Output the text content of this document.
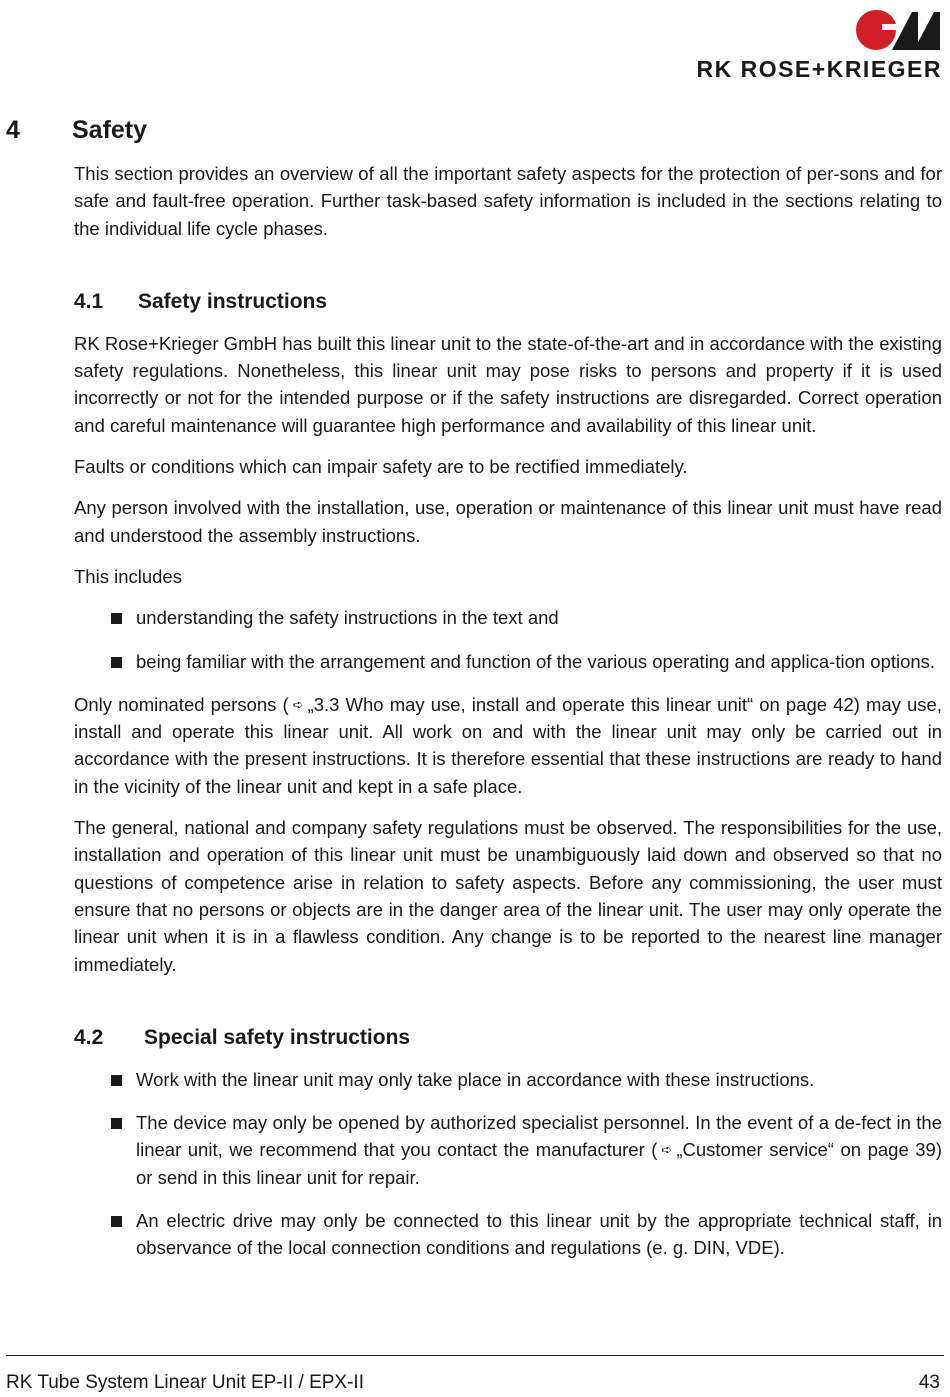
RK ROSE+KRIEGER
4 Safety

This section provides an overview of all the important safety aspects for the protection of per-sons and for safe and fault-free operation. Further task-based safety information is included in the sections relating to the individual life cycle phases.

4.1 Safety instructions

RK Rose+Krieger GmbH has built this linear unit to the state-of-the-art and in accordance with the existing safety regulations. Nonetheless, this linear unit may pose risks to persons and property if it is used incorrectly or not for the intended purpose or if the safety instructions are disregarded. Correct operation and careful maintenance will guarantee high performance and availability of this linear unit.

Faults or conditions which can impair safety are to be rectified immediately.

Any person involved with the installation, use, operation or maintenance of this linear unit must have read and understood the assembly instructions.

This includes

understanding the safety instructions in the text and
being familiar with the arrangement and function of the various operating and applica-tion options.

Only nominated persons ( ➪ „3.3 Who may use, install and operate this linear unit“ on page 42) may use, install and operate this linear unit. All work on and with the linear unit may only be carried out in accordance with the present instructions. It is therefore essential that these instructions are ready to hand in the vicinity of the linear unit and kept in a safe place.

The general, national and company safety regulations must be observed. The responsibilities for the use, installation and operation of this linear unit must be unambiguously laid down and observed so that no questions of competence arise in relation to safety aspects. Before any commissioning, the user must ensure that no persons or objects are in the danger area of the linear unit. The user may only operate the linear unit when it is in a flawless condition. Any change is to be reported to the nearest line manager immediately.

4.2 Special safety instructions
Work with the linear unit may only take place in accordance with these instructions.
The device may only be opened by authorized specialist personnel. In the event of a de-fect in the linear unit, we recommend that you contact the manufacturer ( ➪ „Customer service“ on page 39) or send in this linear unit for repair.
An electric drive may only be connected to this linear unit by the appropriate technical staff, in observance of the local connection conditions and regulations (e. g. DIN, VDE).
RK Tube System Linear Unit EP-II / EPX-II	43
